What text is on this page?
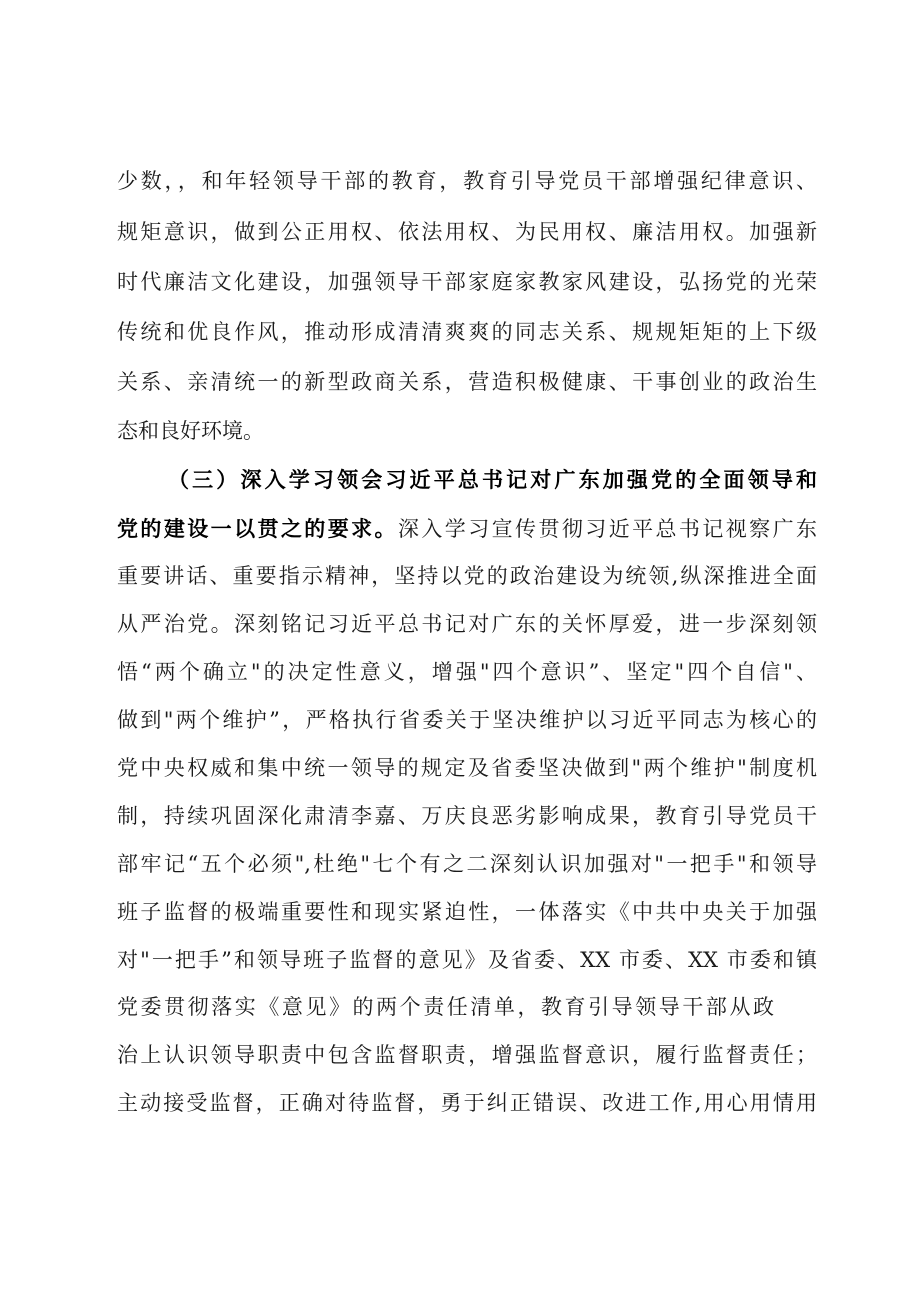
少数，，和年轻领导干部的教育，教育引导党员干部增强纪律意识、
规矩意识，做到公正用权、依法用权、为民用权、廉洁用权。加强新
时代廉洁文化建设，加强领导干部家庭家教家风建设，弘扬党的光荣
传统和优良作风，推动形成清清爽爽的同志关系、规规矩矩的上下级
关系、亲清统一的新型政商关系，营造积极健康、干事创业的政治生
态和良好环境。
（三）深入学习领会习近平总书记对广东加强党的全面领导和
党的建设一以贯之的要求。深入学习宣传贯彻习近平总书记视察广东
重要讲话、重要指示精神，坚持以党的政治建设为统领,纵深推进全面
从严治党。深刻铭记习近平总书记对广东的关怀厚爱，进一步深刻领
悟“两个确立"的决定性意义，增强"四个意识”、坚定"四个自信"、
做到"两个维护”，严格执行省委关于坚决维护以习近平同志为核心的
党中央权威和集中统一领导的规定及省委坚决做到"两个维护"制度机
制，持续巩固深化肃清李嘉、万庆良恶劣影响成果，教育引导党员干
部牢记“五个必须",杜绝"七个有之二深刻认识加强对"一把手"和领导
班子监督的极端重要性和现实紧迫性，一体落实《中共中央关于加强
对"一把手”和领导班子监督的意见》及省委、XX 市委、XX 市委和镇
党委贯彻落实《意见》的两个责任清单，教育引导领导干部从政
治上认识领导职责中包含监督职责，增强监督意识，履行监督责任；
主动接受监督，正确对待监督，勇于纠正错误、改进工作,用心用情用
